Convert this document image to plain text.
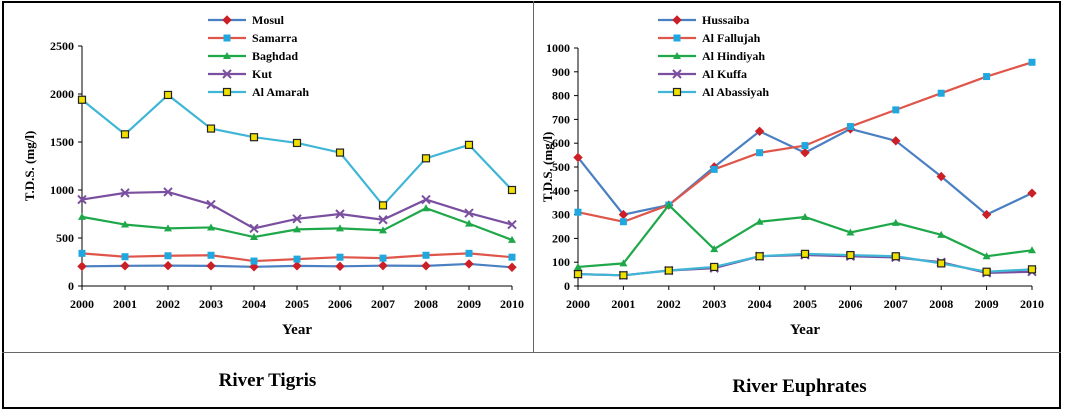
0
500
1000
1500
2000
2500
2000 2001 2002 2003 2004 2005 2006 2007 2008 2009 2010
Year
T.D.S. (mg/l)
Mosul
Samarra
Baghdad
Kut
Al Amarah
0
100
200
300
400
500
600
700
800
900
1000
2000 2001 2002 2003 2004 2005 2006 2007 2008 2009 2010
Year
T.D.S. (mg/l)
Hussaiba
Al Fallujah
Al Hindiyah
Al Kuffa
Al Abassiyah
River Tigris	River Euphrates
